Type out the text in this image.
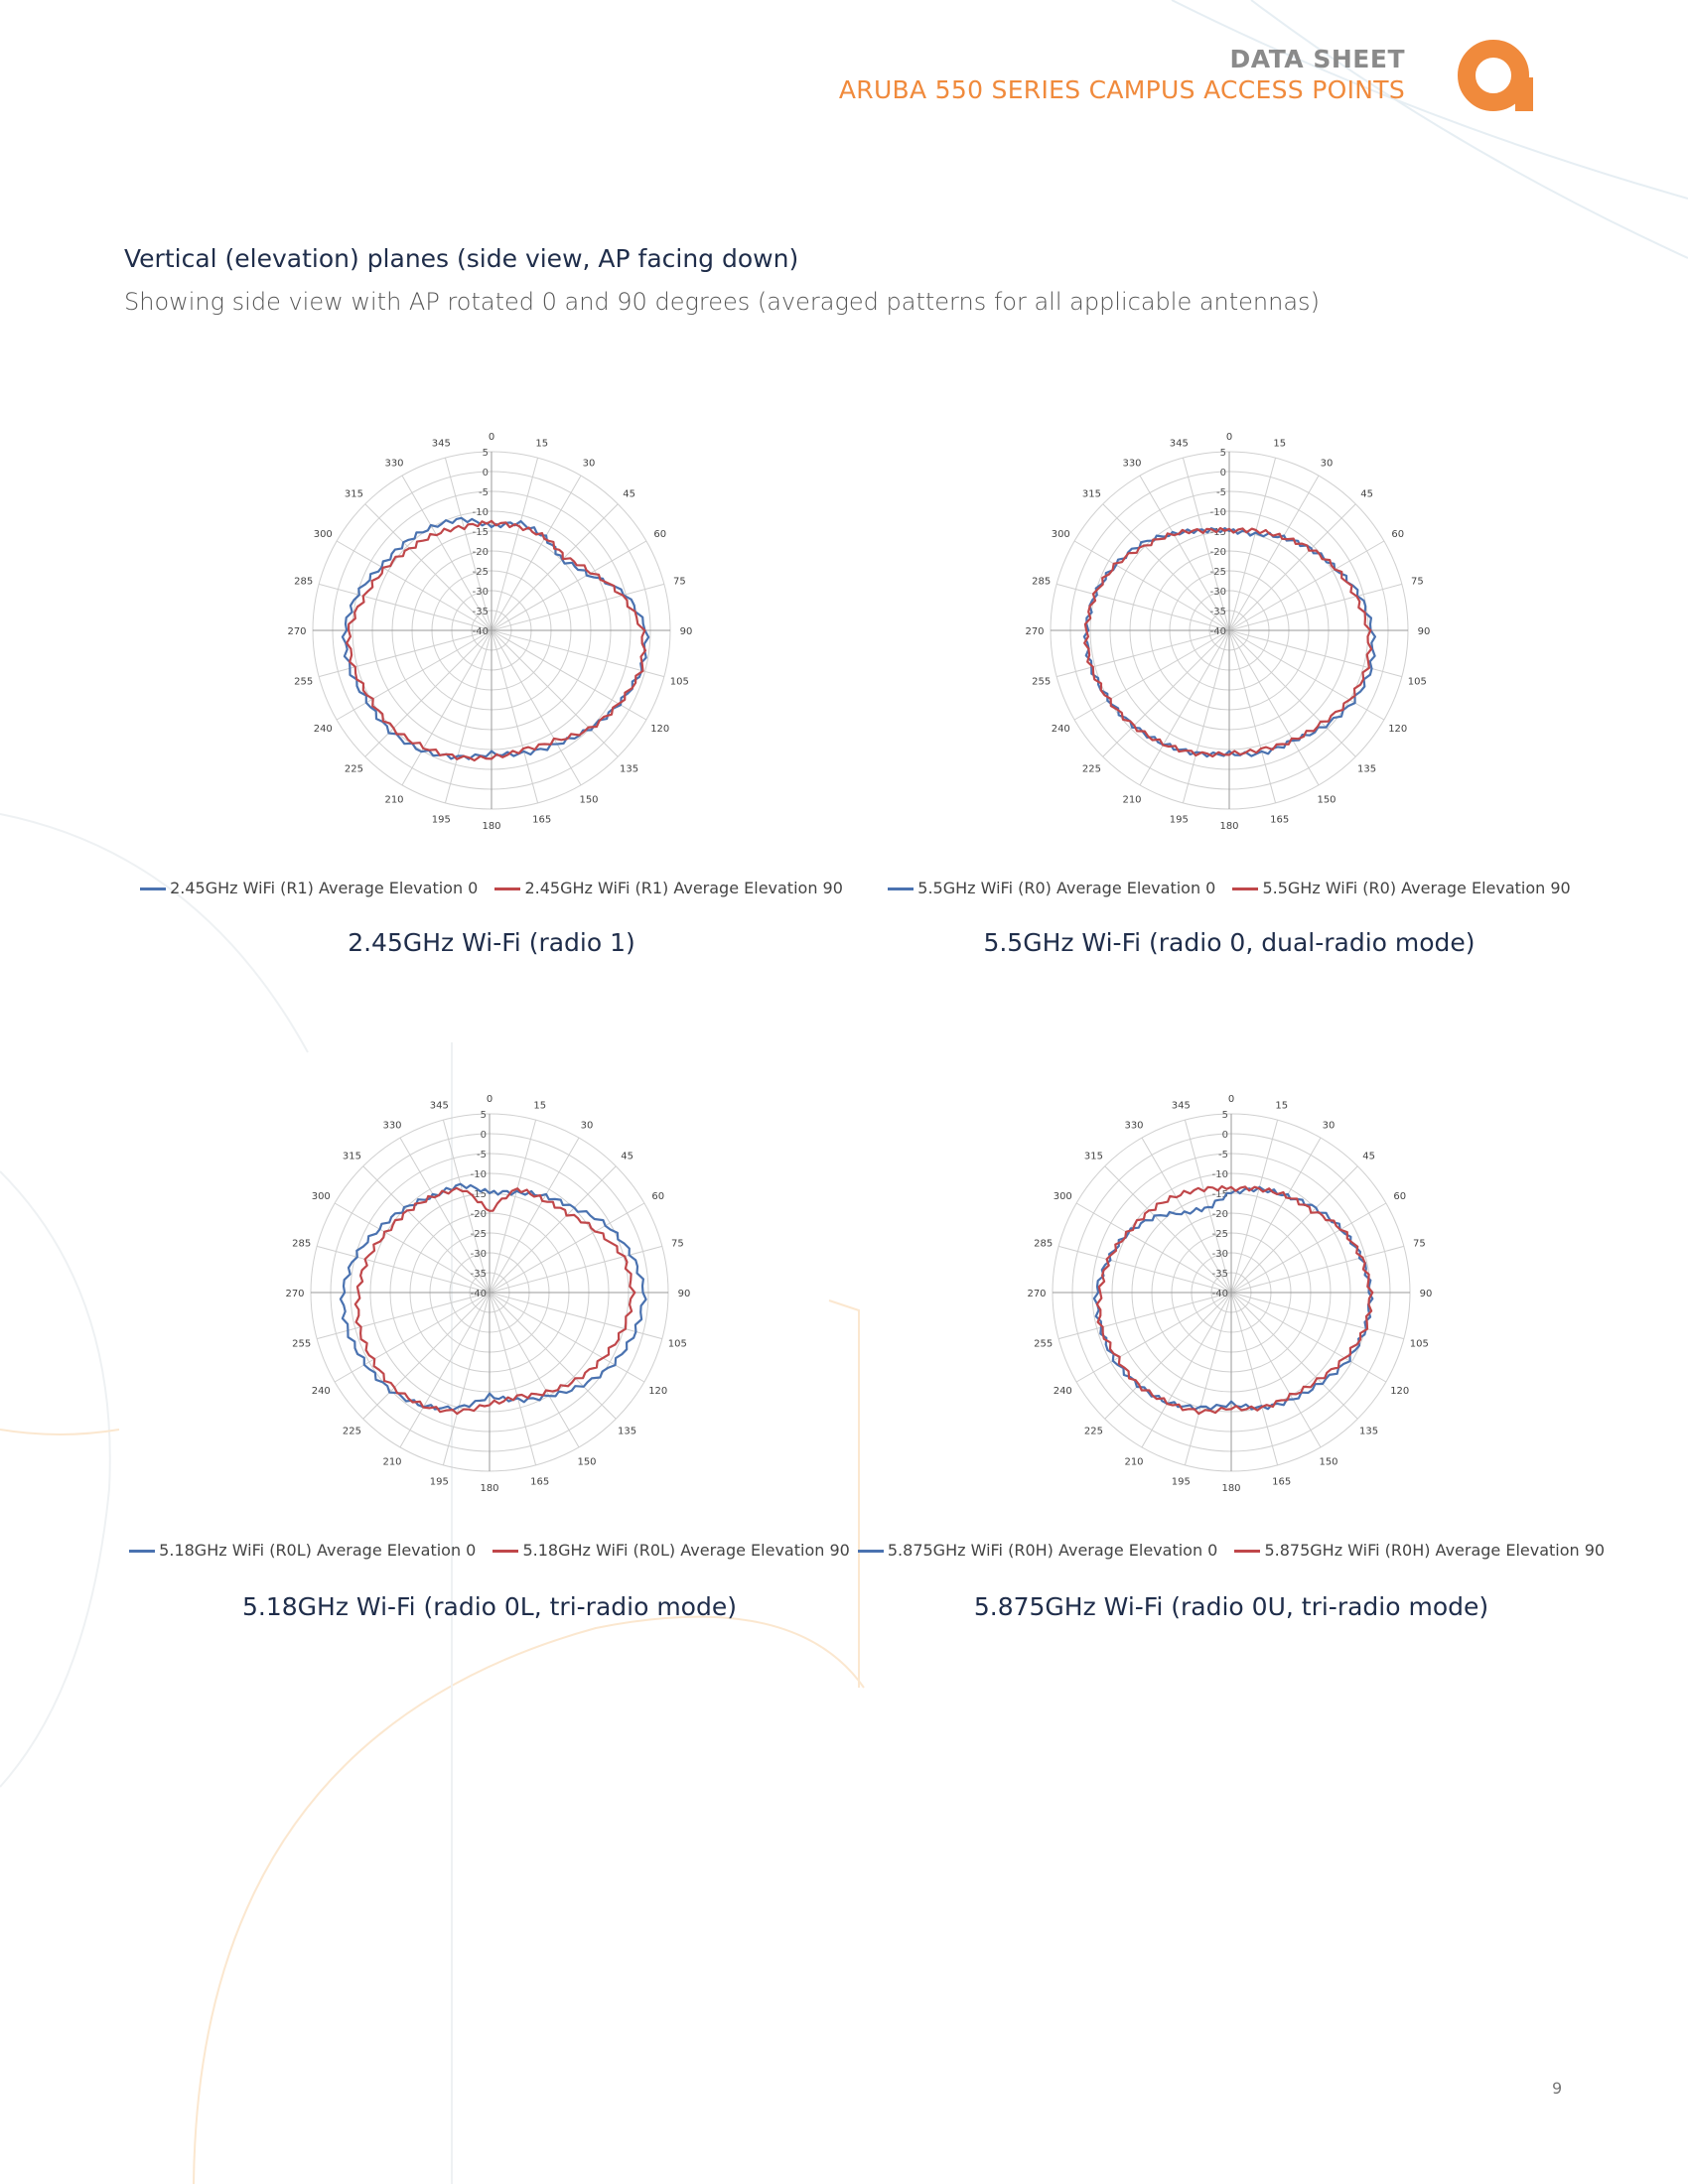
DATA SHEET
ARUBA 550 SERIES CAMPUS ACCESS POINTS
Vertical (elevation) planes (side view, AP facing down)
Showing side view with AP rotated 0 and 90 degrees (averaged patterns for all applicable antennas)
0
15
30
45
60
75
90
105
120
135
150
165
180
195
210
225
240
255
270
285
300
315
330
345
5
0
-5
-10
-15
-20
-25
-30
-35
-40
2.45GHz WiFi (R1) Average Elevation 0	2.45GHz WiFi (R1) Average Elevation 90
2.45GHz Wi-Fi (radio 1)
0
15
30
45
60
75
90
105
120
135
150
165
180
195
210
225
240
255
270
285
300
315
330
345
5
0
-5
-10
-15
-20
-25
-30
-35
-40
5.5GHz WiFi (R0) Average Elevation 0	5.5GHz WiFi (R0) Average Elevation 90
5.5GHz Wi-Fi (radio 0, dual-radio mode)
0
15
30
45
60
75
90
105
120
135
150
165
180
195
210
225
240
255
270
285
300
315
330
345
5
0
-5
-10
-15
-20
-25
-30
-35
-40
5.18GHz WiFi (R0L) Average Elevation 0	5.18GHz WiFi (R0L) Average Elevation 90
5.18GHz Wi-Fi (radio 0L, tri-radio mode)
0
15
30
45
60
75
90
105
120
135
150
165
180
195
210
225
240
255
270
285
300
315
330
345
5
0
-5
-10
-15
-20
-25
-30
-35
-40
5.875GHz WiFi (R0H) Average Elevation 0	5.875GHz WiFi (R0H) Average Elevation 90
5.875GHz Wi-Fi (radio 0U, tri-radio mode)
9
